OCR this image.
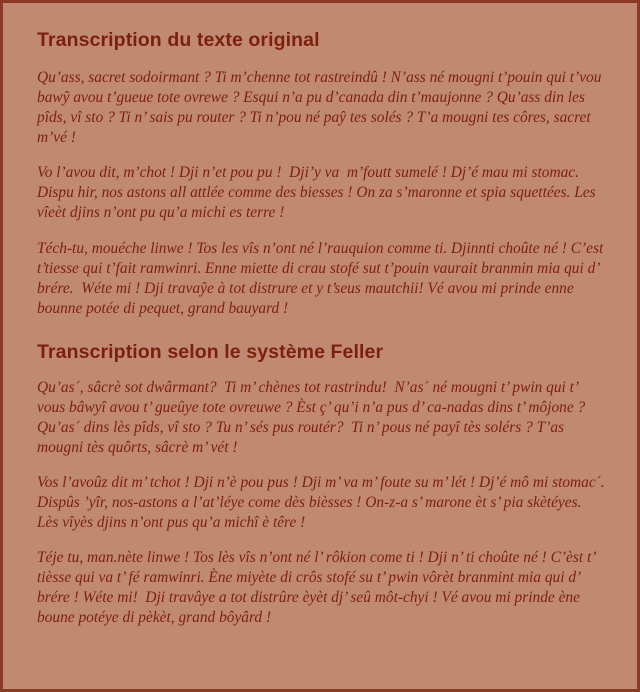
Transcription du texte original

Qu’ass, sacret sodoirmant ? Ti m’chenne tot rastreindû ! N’ass né mougni t’pouin qui t’vou bawŷ avou t’gueue tote ovrewe ? Esqui n’a pu d’canada din t’maujonne ? Qu’ass din les pîds, vî sto ? Ti n’ sais pu router ? Ti n’pou né paŷ tes solés ? T’a mougni tes côres, sacret m’vé !

Vo l’avou dit, m’chot ! Dji n’et pou pu !  Dji’y va  m’foutt sumelé ! Dj’é mau mi stomac. Dispu hir, nos astons all attlée comme des biesses ! On za s’maronne et spia squettées. Les vîeèt djins n’ont pu qu’a michi es terre !

Téch-tu, mouéche linwe ! Tos les vîs n’ont né l’rauquion comme ti. Djinnti choûte né ! C’est t’tiesse qui t’fait ramwinri. Enne miette di crau stofé sut t’pouin vaurait branmin mia qui d’ brére.  Wéte mi ! Dji travaŷe à tot distrure et y t’seus mautchii! Vé avou mi prinde enne bounne potée di pequet, grand bauyard !

Transcription selon le système Feller

Qu’as´, sâcrè sot dwârmant?  Ti m’ chènes tot rastrindu!  N’as´ né mougni t’ pwin qui t’ vous bâwyî avou t’ gueûye tote ovreuwe ? Èst ç’ qu’i n’a pus d’ ca-nadas dins t’ môjone ? Qu’as´ dins lès pîds, vî sto ? Tu n’ sés pus routér?  Ti n’ pous né payî tès solérs ? T’as mougni tès quôrts, sâcrè m’ vét !

Vos l’avoûz dit m’ tchot ! Dji n’è pou pus ! Dji m’ va m’ foute su m’ lét ! Dj’é mô mi stomac´. Dispûs ’yîr, nos-astons a l’at’léye come dès bièsses ! On-z-a s’ marone èt s’ pia skètéyes. Lès vîyès djins n’ont pus qu’a michî è têre !

Téje tu, man.nète linwe ! Tos lès vîs n’ont né l’ rôkion come ti ! Dji n’ ti choûte né ! C’èst t’ tièsse qui va t’ fé ramwinri. Ène miyète di crôs stofé su t’ pwin vôrèt branmint mia qui d’ brére ! Wéte mi!  Dji travâye a tot distrûre èyèt dj’ seû môt-chyi ! Vé avou mi prinde ène boune potéye di pèkèt, grand bôyârd !
